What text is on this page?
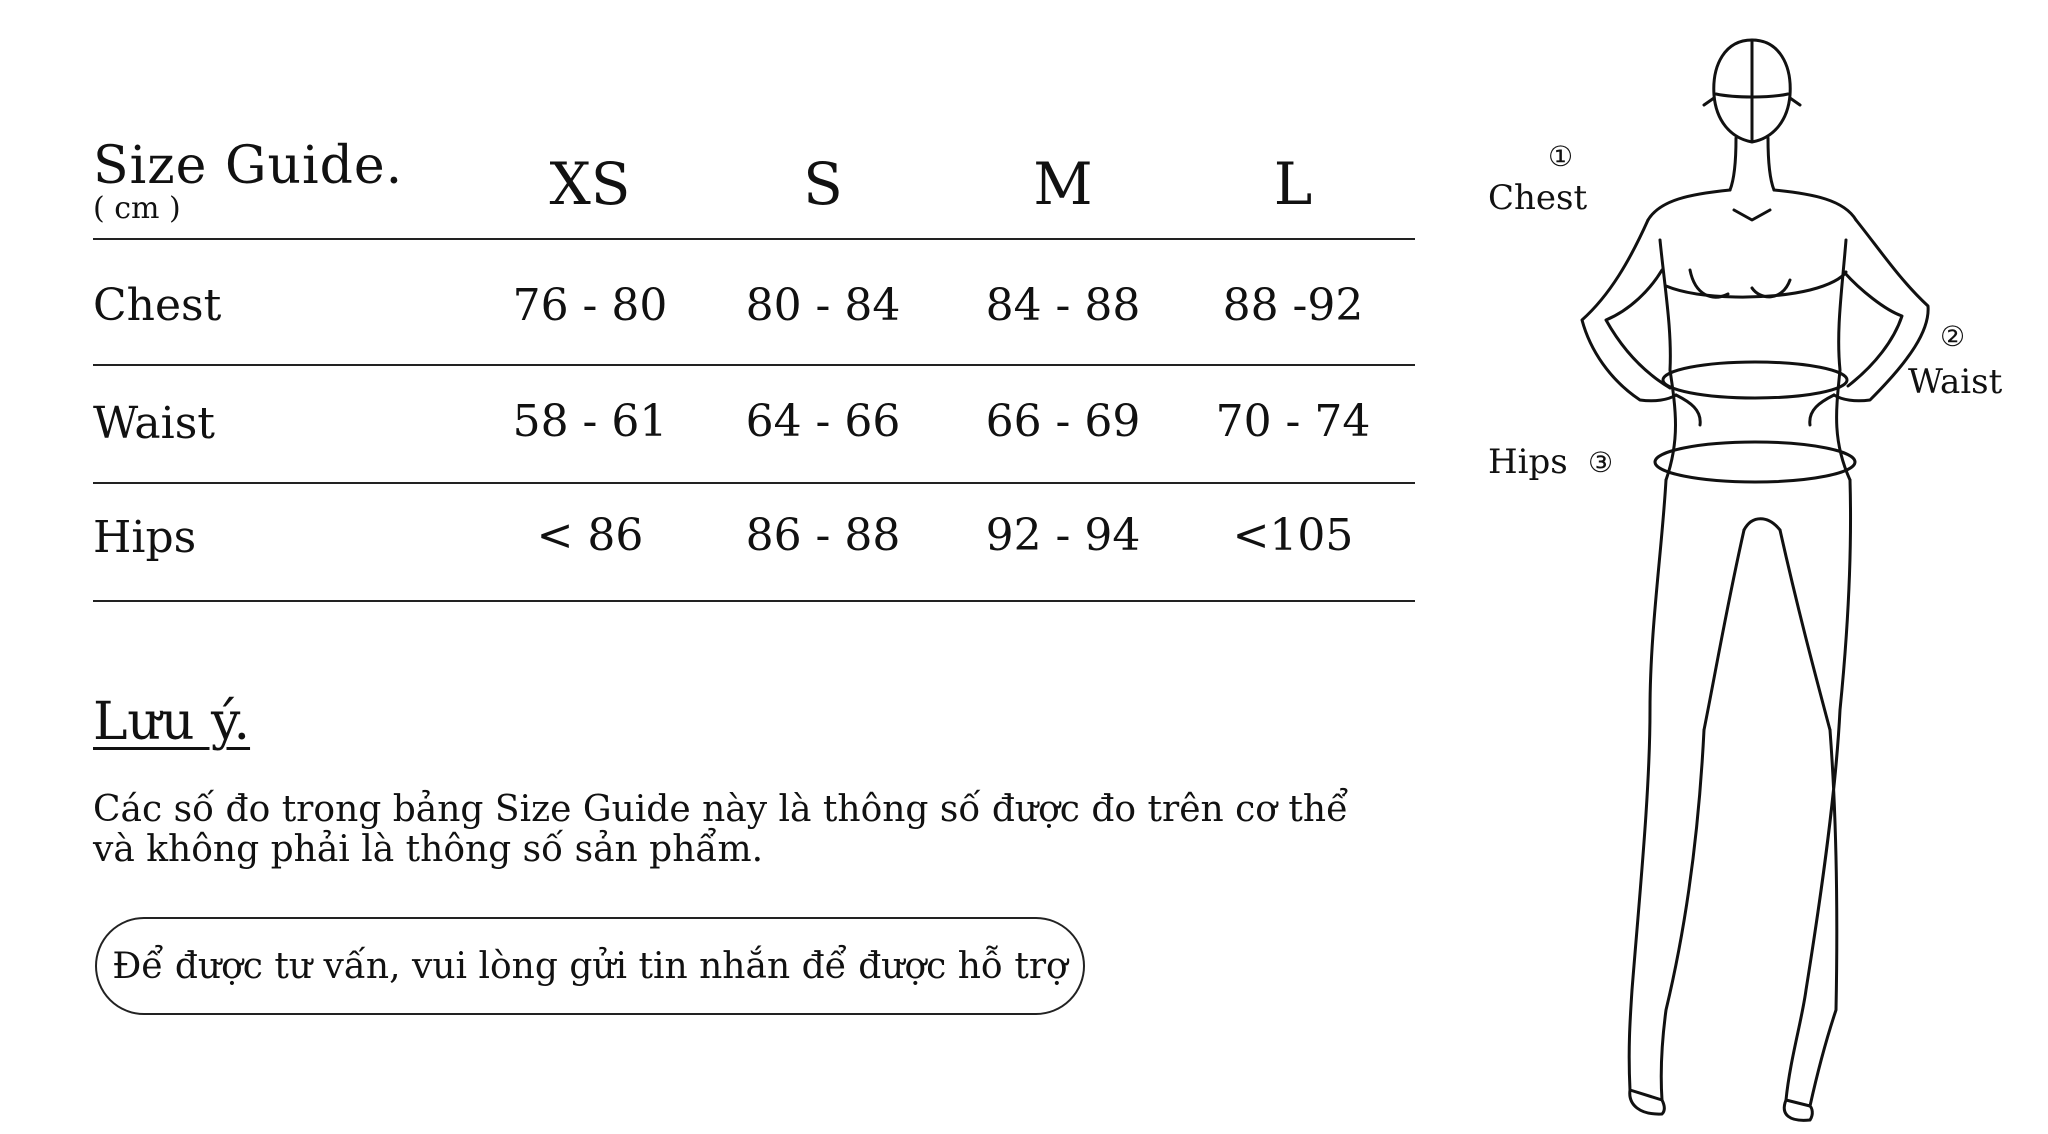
Size Guide.
( cm )	XS	S	M	L
Chest	76 - 80	80 - 84	84 - 88	88 -92
Waist	58 - 61	64 - 66	66 - 69	70 - 74
Hips	< 86	86 - 88	92 - 94	<105
Lưu ý.
Các số đo trong bảng Size Guide này là thông số được đo trên cơ thể
và không phải là thông số sản phẩm.
Để được tư vấn, vui lòng gửi tin nhắn để được hỗ trợ
①
Chest
②
Waist
Hips ③
